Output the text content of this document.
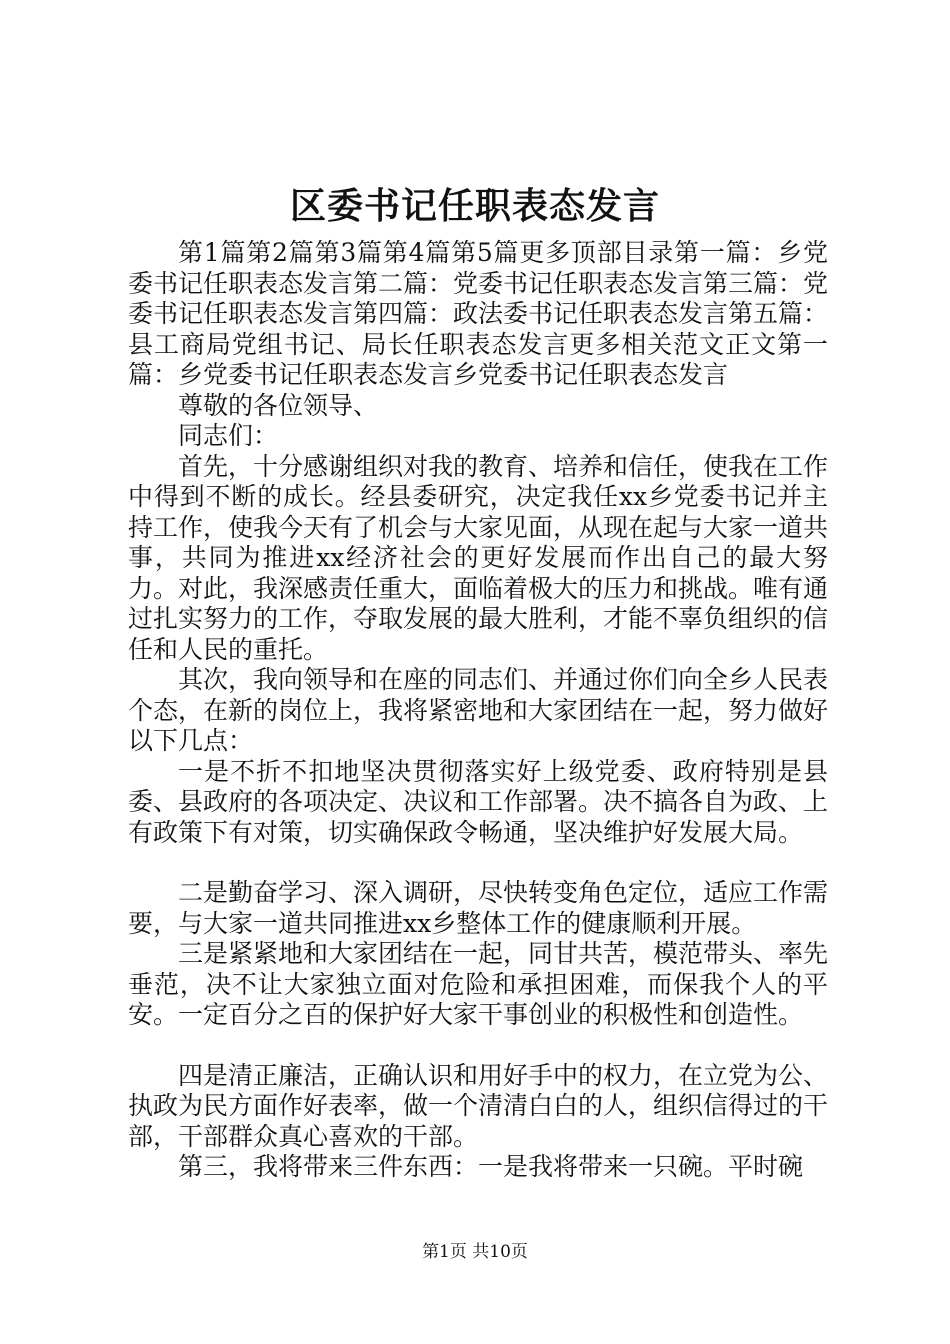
区委书记任职表态发言

第1篇第2篇第3篇第4篇第5篇更多顶部目录第一篇：乡党委书记任职表态发言第二篇：党委书记任职表态发言第三篇：党委书记任职表态发言第四篇：政法委书记任职表态发言第五篇：县工商局党组书记、局长任职表态发言更多相关范文正文第一篇：乡党委书记任职表态发言乡党委书记任职表态发言

尊敬的各位领导、

同志们：

首先，十分感谢组织对我的教育、培养和信任，使我在工作中得到不断的成长。经县委研究，决定我任xx乡党委书记并主持工作，使我今天有了机会与大家见面，从现在起与大家一道共事，共同为推进xx经济社会的更好发展而作出自己的最大努力。对此，我深感责任重大，面临着极大的压力和挑战。唯有通过扎实努力的工作，夺取发展的最大胜利，才能不辜负组织的信任和人民的重托。

其次，我向领导和在座的同志们、并通过你们向全乡人民表个态，在新的岗位上，我将紧密地和大家团结在一起，努力做好以下几点：

一是不折不扣地坚决贯彻落实好上级党委、政府特别是县委、县政府的各项决定、决议和工作部署。决不搞各自为政、上有政策下有对策，切实确保政令畅通，坚决维护好发展大局。

二是勤奋学习、深入调研，尽快转变角色定位，适应工作需要，与大家一道共同推进xx乡整体工作的健康顺利开展。

三是紧紧地和大家团结在一起，同甘共苦，模范带头、率先垂范，决不让大家独立面对危险和承担困难，而保我个人的平安。一定百分之百的保护好大家干事创业的积极性和创造性。

四是清正廉洁，正确认识和用好手中的权力，在立党为公、执政为民方面作好表率，做一个清清白白的人，组织信得过的干部，干部群众真心喜欢的干部。

第三，我将带来三件东西：一是我将带来一只碗。平时碗

第1页 共10页
